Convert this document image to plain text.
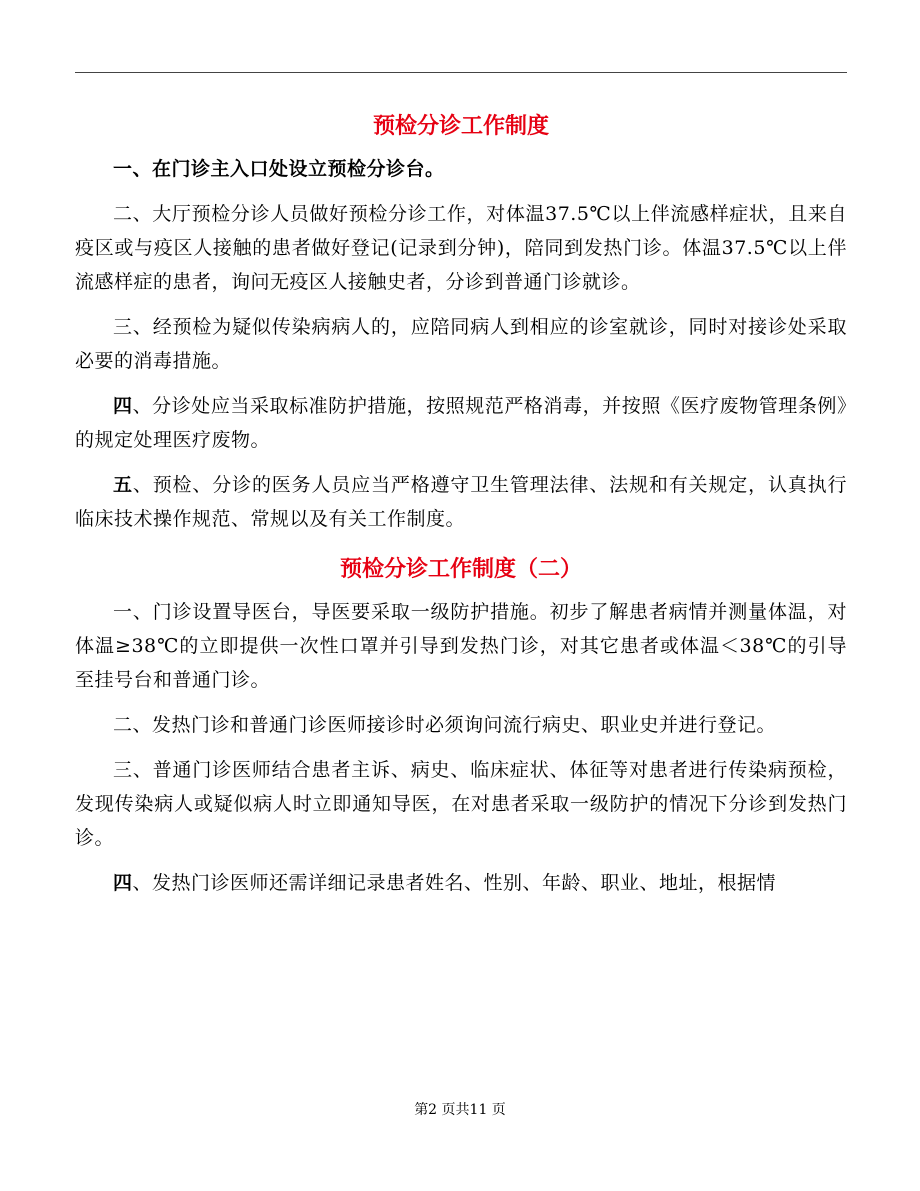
预检分诊工作制度

一、在门诊主入口处设立预检分诊台。

二、大厅预检分诊人员做好预检分诊工作，对体温37.5℃以上伴流感样症状，且来自疫区或与疫区人接触的患者做好登记(记录到分钟)，陪同到发热门诊。体温37.5℃以上伴流感样症的患者，询问无疫区人接触史者，分诊到普通门诊就诊。

三、经预检为疑似传染病病人的，应陪同病人到相应的诊室就诊，同时对接诊处采取必要的消毒措施。

四、分诊处应当采取标准防护措施，按照规范严格消毒，并按照《医疗废物管理条例》的规定处理医疗废物。

五、预检、分诊的医务人员应当严格遵守卫生管理法律、法规和有关规定，认真执行临床技术操作规范、常规以及有关工作制度。

预检分诊工作制度（二）

一、门诊设置导医台，导医要采取一级防护措施。初步了解患者病情并测量体温，对体温≥38℃的立即提供一次性口罩并引导到发热门诊，对其它患者或体温＜38℃的引导至挂号台和普通门诊。

二、发热门诊和普通门诊医师接诊时必须询问流行病史、职业史并进行登记。

三、普通门诊医师结合患者主诉、病史、临床症状、体征等对患者进行传染病预检，发现传染病人或疑似病人时立即通知导医，在对患者采取一级防护的情况下分诊到发热门诊。

四、发热门诊医师还需详细记录患者姓名、性别、年龄、职业、地址，根据情

第2 页共11 页
